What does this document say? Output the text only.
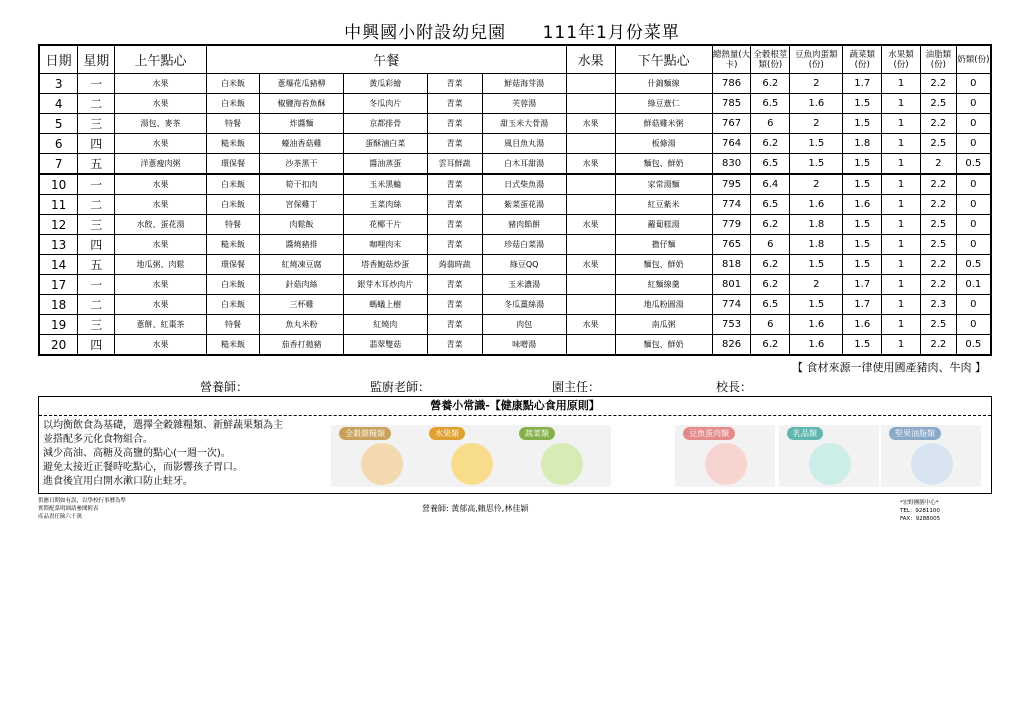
中興國小附設幼兒園 111年1月份菜單
日期	星期	上午點心	午餐					水果	下午點心	總熱量(大卡)	全穀根莖類(份)	豆魚肉蛋類(份)	蔬菜類(份)	水果類(份)	油脂類(份)	奶類(份)
3	一	水果	白米飯	蔥爆花瓜豬柳	黃瓜彩繪	青菜	鮮菇海芽湯		什錦麵線	786	6.2	2	1.7	1	2.2	0
4	二	水果	白米飯	椒鹽海苔魚酥	冬瓜肉片	青菜	芙蓉湯		綠豆薏仁	785	6.5	1.6	1.5	1	2.5	0
5	三	湯包、麥茶	特餐	炸醬麵	京都排骨	青菜	甜玉米大骨湯	水果	鮮菇雞米粥	767	6	2	1.5	1	2.2	0
6	四	水果	糙米飯	蠔油香菇雞	蛋酥滷白菜	青菜	風目魚丸湯		板條湯	764	6.2	1.5	1.8	1	2.5	0
7	五	洋蔥瘦肉粥	環保餐	沙茶黑干	醬油蒸蛋	雲耳鮮蔬	白木耳甜湯	水果	麵包、鮮奶	830	6.5	1.5	1.5	1	2	0.5
10	一	水果	白米飯	筍干扣肉	玉米黑輪	青菜	日式柴魚湯		家常湯麵	795	6.4	2	1.5	1	2.2	0
11	二	水果	白米飯	宮保雞丁	玉菜肉絲	青菜	紫菜蛋花湯		紅豆紫米	774	6.5	1.6	1.6	1	2.2	0
12	三	水餃、蛋花湯	特餐	肉鬆飯	花椰干片	青菜	豬肉餡餅	水果	蘿蔔糕湯	779	6.2	1.8	1.5	1	2.5	0
13	四	水果	糙米飯	醬燒豬排	咖哩肉末	青菜	珍菇白菜湯		擔仔麵	765	6	1.8	1.5	1	2.5	0
14	五	地瓜粥、肉鬆	環保餐	紅燒凍豆腐	塔香鮑菇炒蛋	蒟蒻時蔬	綠豆QQ	水果	麵包、鮮奶	818	6.2	1.5	1.5	1	2.2	0.5
17	一	水果	白米飯	針菇肉絲	銀芽木耳炒肉片	青菜	玉米濃湯		紅麵線羹	801	6.2	2	1.7	1	2.2	0.1
18	二	水果	白米飯	三杯雞	螞蟻上樹	青菜	冬瓜薑絲湯		地瓜粉圓湯	774	6.5	1.5	1.7	1	2.3	0
19	三	蔥餅、紅棗茶	特餐	魚丸米粉	紅燒肉	青菜	肉包	水果	南瓜粥	753	6	1.6	1.6	1	2.5	0
20	四	水果	糙米飯	茄香打拋豬	翡翠雙菇	青菜	味噌湯		麵包、鮮奶	826	6.2	1.6	1.5	1	2.2	0.5
【 食材來源一律使用國產豬肉、牛肉 】
營養師：	監廚老師：	園主任：	校長：
營養小常識-【健康點心食用原則】
以均衡飲食為基礎，選擇全穀雜糧類、新鮮蔬果類為主
並搭配多元化食物組合。
減少高油、高糖及高鹽的點心(一週一次)。
避免太接近正餐時吃點心，而影響孩子胃口。
進食後宜用白開水漱口防止蛀牙。
全穀雜糧類	水果類	蔬菜類	豆魚蛋肉類	乳品類	堅果油脂類
供應日期如有誤，以學校行事曆為準
實際配菜明細請參閱附表
產品責任險六千萬
營養師: 黃郁高,賴思伶,林佳穎
*宏野團膳中心*
TEL：9281100
FAX：9288005
